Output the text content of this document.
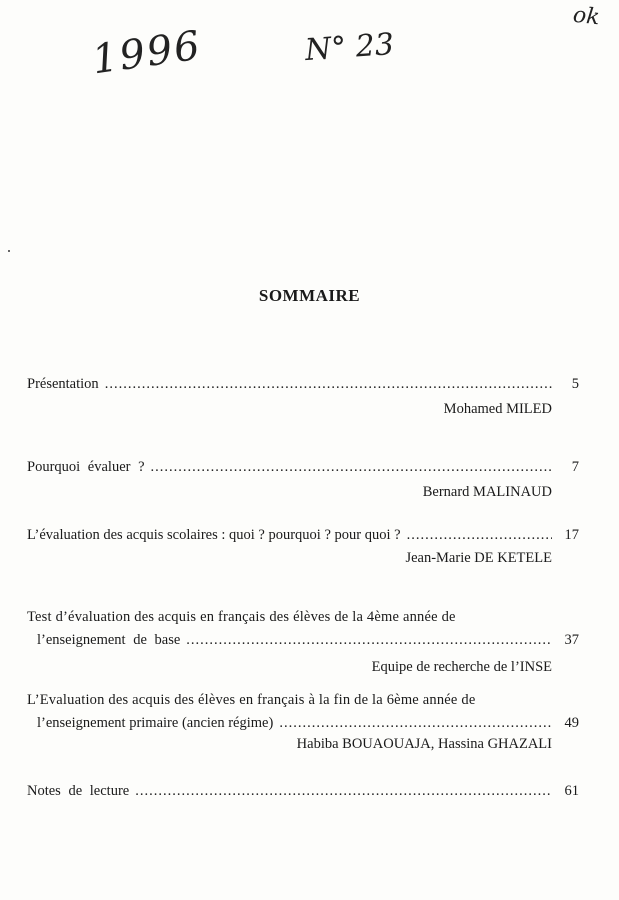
1996	N° 23
ok
SOMMAIRE
Présentation .....	5
Mohamed MILED
Pourquoi évaluer ? .....	7
Bernard MALINAUD
L’évaluation des acquis scolaires : quoi ? pourquoi ? pour quoi ? .....	17
Jean-Marie DE KETELE
Test d’évaluation des acquis en français des élèves de la 4ème année de
l’enseignement de base .....	37
Equipe de recherche de l’INSE
L’Evaluation des acquis des élèves en français à la fin de la 6ème année de
l’enseignement primaire (ancien régime) .....	49
Habiba BOUAOUAJA, Hassina GHAZALI
Notes de lecture .....	61
